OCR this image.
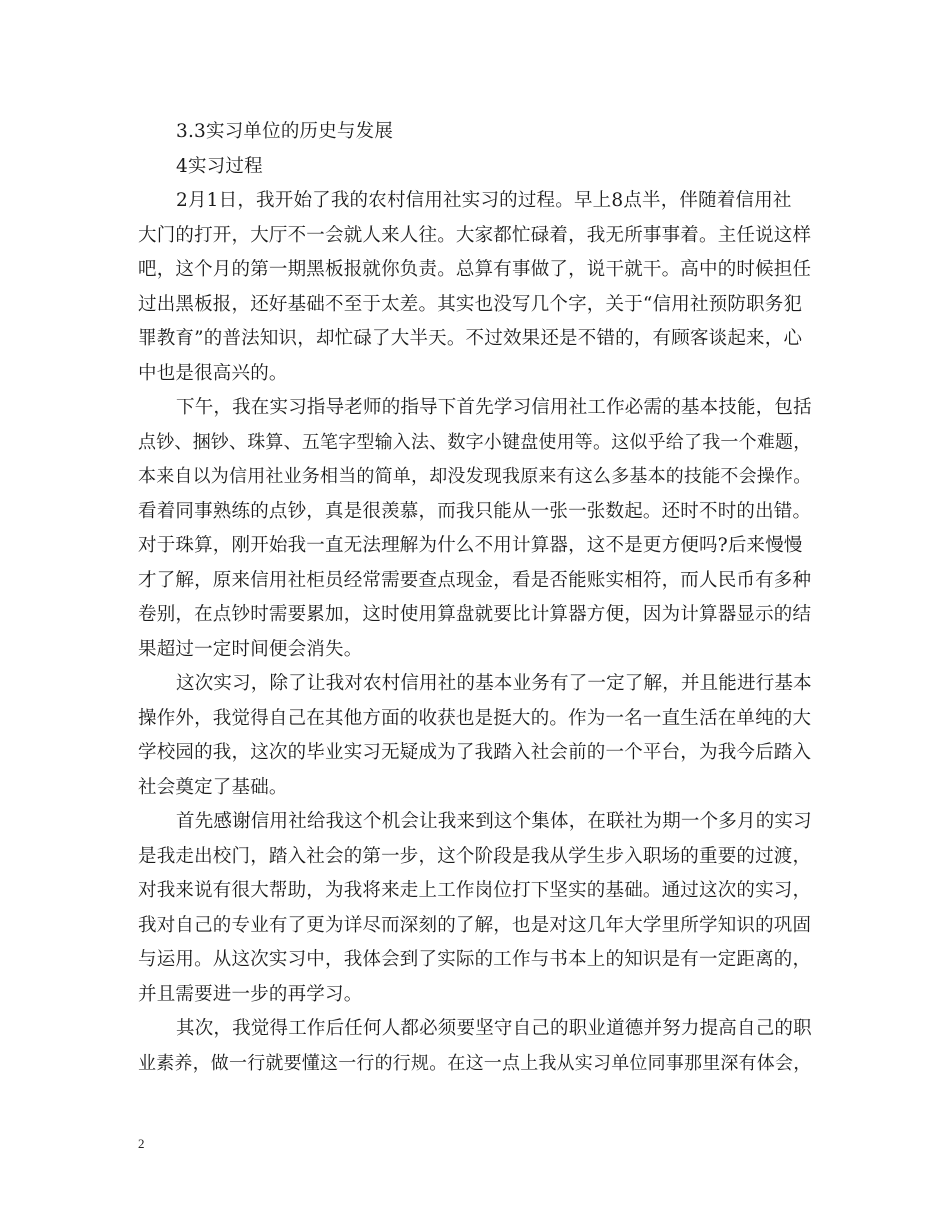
3.3实习单位的历史与发展
4实习过程
2月1日，我开始了我的农村信用社实习的过程。早上8点半，伴随着信用社
大门的打开，大厅不一会就人来人往。大家都忙碌着，我无所事事着。主任说这样
吧，这个月的第一期黑板报就你负责。总算有事做了，说干就干。高中的时候担任
过出黑板报，还好基础不至于太差。其实也没写几个字，关于“信用社预防职务犯
罪教育”的普法知识，却忙碌了大半天。不过效果还是不错的，有顾客谈起来，心
中也是很高兴的。
下午，我在实习指导老师的指导下首先学习信用社工作必需的基本技能，包括
点钞、捆钞、珠算、五笔字型输入法、数字小键盘使用等。这似乎给了我一个难题，
本来自以为信用社业务相当的简单，却没发现我原来有这么多基本的技能不会操作。
看着同事熟练的点钞，真是很羡慕，而我只能从一张一张数起。还时不时的出错。
对于珠算，刚开始我一直无法理解为什么不用计算器，这不是更方便吗?后来慢慢
才了解，原来信用社柜员经常需要查点现金，看是否能账实相符，而人民币有多种
卷别，在点钞时需要累加，这时使用算盘就要比计算器方便，因为计算器显示的结
果超过一定时间便会消失。
这次实习，除了让我对农村信用社的基本业务有了一定了解，并且能进行基本
操作外，我觉得自己在其他方面的收获也是挺大的。作为一名一直生活在单纯的大
学校园的我，这次的毕业实习无疑成为了我踏入社会前的一个平台，为我今后踏入
社会奠定了基础。
首先感谢信用社给我这个机会让我来到这个集体，在联社为期一个多月的实习
是我走出校门，踏入社会的第一步，这个阶段是我从学生步入职场的重要的过渡，
对我来说有很大帮助，为我将来走上工作岗位打下坚实的基础。通过这次的实习，
我对自己的专业有了更为详尽而深刻的了解，也是对这几年大学里所学知识的巩固
与运用。从这次实习中，我体会到了实际的工作与书本上的知识是有一定距离的，
并且需要进一步的再学习。
其次，我觉得工作后任何人都必须要坚守自己的职业道德并努力提高自己的职
业素养，做一行就要懂这一行的行规。在这一点上我从实习单位同事那里深有体会，
2
